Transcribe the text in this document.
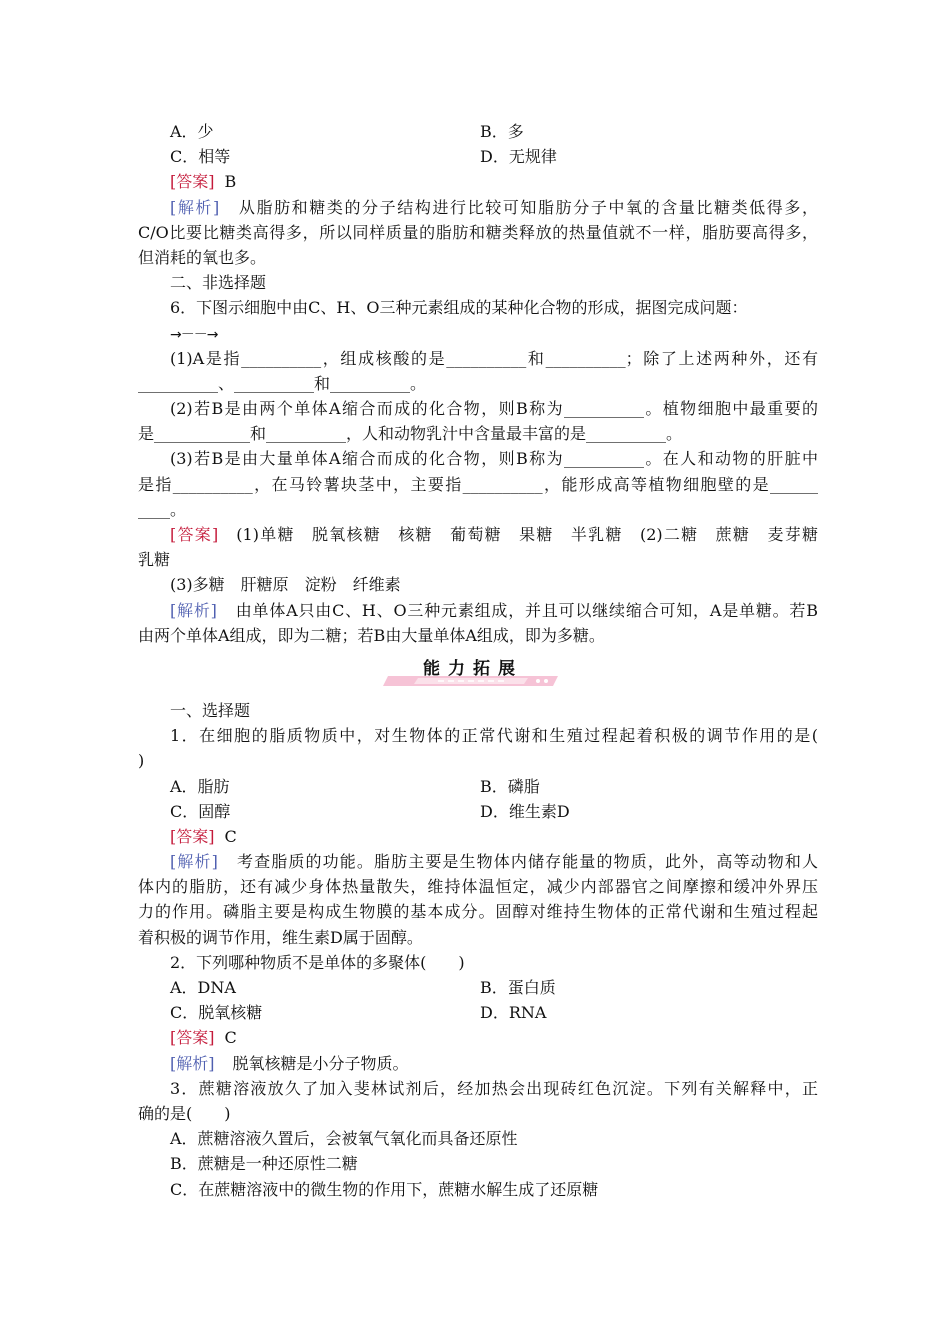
A．少	B．多
C．相等	D．无规律
[答案] B
[解析] 从脂肪和糖类的分子结构进行比较可知脂肪分子中氧的含量比糖类低得多，
C/O比要比糖类高得多，所以同样质量的脂肪和糖类释放的热量值就不一样，脂肪要高得多，
但消耗的氧也多。
二、非选择题
6．下图示细胞中由C、H、O三种元素组成的某种化合物的形成，据图完成问题：
→－－→
(1)A是指__________，组成核酸的是__________和__________；除了上述两种外，还有
__________、__________和__________。
(2)若B是由两个单体A缩合而成的化合物，则B称为__________。植物细胞中最重要的
是____________和__________，人和动物乳汁中含量最丰富的是__________。
(3)若B是由大量单体A缩合而成的化合物，则B称为__________。在人和动物的肝脏中
是指__________，在马铃薯块茎中，主要指__________，能形成高等植物细胞壁的是______
____。
[答案] (1)单糖　脱氧核糖　核糖　葡萄糖　果糖　半乳糖　(2)二糖　蔗糖　麦芽糖
乳糖
(3)多糖　肝糖原　淀粉　纤维素
[解析] 由单体A只由C、H、O三种元素组成，并且可以继续缩合可知，A是单糖。若B
由两个单体A组成，即为二糖；若B由大量单体A组成，即为多糖。
能力拓展
一、选择题
1．在细胞的脂质物质中，对生物体的正常代谢和生殖过程起着积极的调节作用的是(
)
A．脂肪	B．磷脂
C．固醇	D．维生素D
[答案] C
[解析] 考查脂质的功能。脂肪主要是生物体内储存能量的物质，此外，高等动物和人
体内的脂肪，还有减少身体热量散失，维持体温恒定，减少内部器官之间摩擦和缓冲外界压
力的作用。磷脂主要是构成生物膜的基本成分。固醇对维持生物体的正常代谢和生殖过程起
着积极的调节作用，维生素D属于固醇。
2．下列哪种物质不是单体的多聚体(　　)
A．DNA	B．蛋白质
C．脱氧核糖	D．RNA
[答案] C
[解析] 脱氧核糖是小分子物质。
3．蔗糖溶液放久了加入斐林试剂后，经加热会出现砖红色沉淀。下列有关解释中，正
确的是(　　)
A．蔗糖溶液久置后，会被氧气氧化而具备还原性
B．蔗糖是一种还原性二糖
C．在蔗糖溶液中的微生物的作用下，蔗糖水解生成了还原糖
